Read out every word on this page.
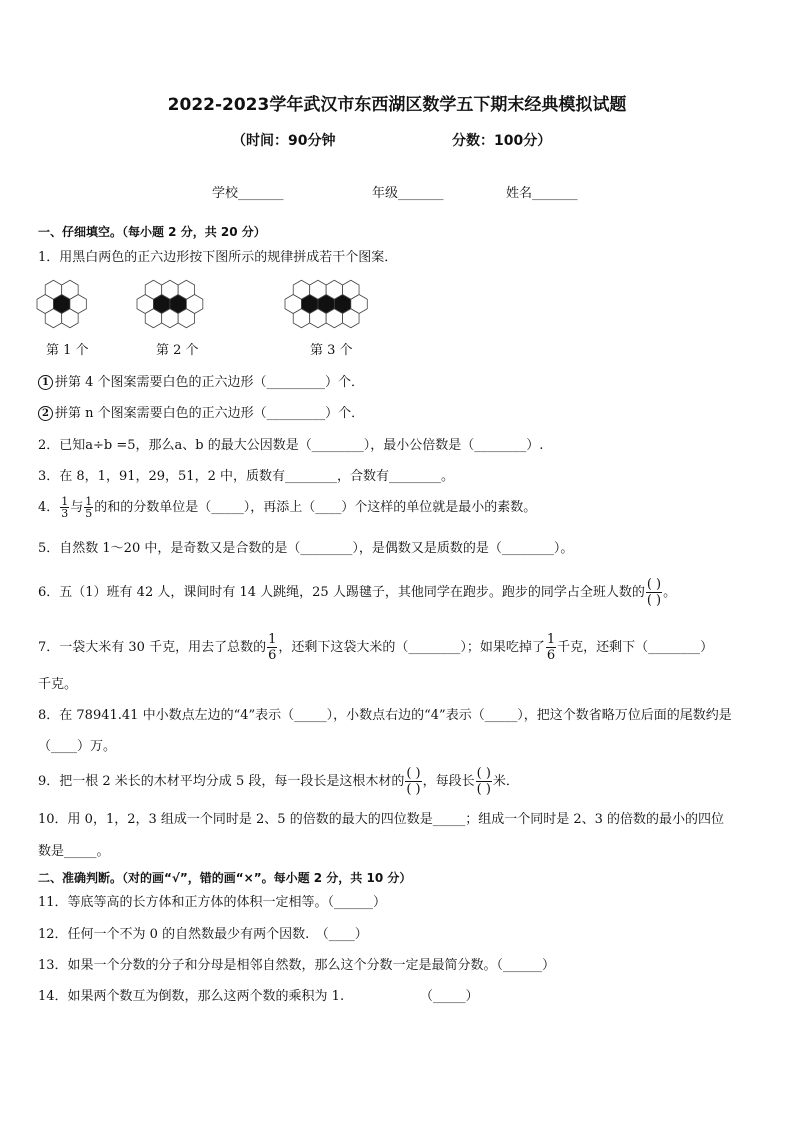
2022-2023学年武汉市东西湖区数学五下期末经典模拟试题
（时间：90分钟	分数：100分）
学校_______	年级_______	姓名_______
一、仔细填空。（每小题 2 分，共 20 分）
1．用黑白两色的正六边形按下图所示的规律拼成若干个图案．
第 1 个	第 2 个	第 3 个
1 拼第 4 个图案需要白色的正六边形（_________）个．
2 拼第 n 个图案需要白色的正六边形（_________）个．
2．已知a÷b =5，那么a、b 的最大公因数是（________），最小公倍数是（________）.
3．在 8，1，91，29，51，2 中，质数有________，合数有________。
4． $\frac{1}{3}$ 与 $\frac{1}{5}$ 的和的分数单位是（_____），再添上（____）个这样的单位就是最小的素数。
5．自然数 1～20 中，是奇数又是合数的是（________），是偶数又是质数的是（________）。
6．五（1）班有 42 人，课间时有 14 人跳绳，25 人踢毽子，其他同学在跑步。跑步的同学占全班人数的 $\frac{( )}{( )}$ 。
7．一袋大米有 30 千克，用去了总数的 $\frac{1}{6}$ ，还剩下这袋大米的（________）；如果吃掉了 $\frac{1}{6}$ 千克，还剩下（________）
千克。
8．在 78941.41 中小数点左边的“4”表示（_____），小数点右边的“4”表示（_____），把这个数省略万位后面的尾数约是
（____）万。
9．把一根 2 米长的木材平均分成 5 段，每一段长是这根木材的 $\frac{( )}{( )}$ ，每段长 $\frac{( )}{( )}$ 米．
10．用 0，1，2，3 组成一个同时是 2、5 的倍数的最大的四位数是_____；组成一个同时是 2、3 的倍数的最小的四位
数是_____。
二、准确判断。（对的画“√”，错的画“×”。每小题 2 分，共 10 分）
11．等底等高的长方体和正方体的体积一定相等。（______）
12．任何一个不为 0 的自然数最少有两个因数.　（____）
13．如果一个分数的分子和分母是相邻自然数，那么这个分数一定是最简分数。（______）
14．如果两个数互为倒数，那么这两个数的乘积为 1.	（_____）
